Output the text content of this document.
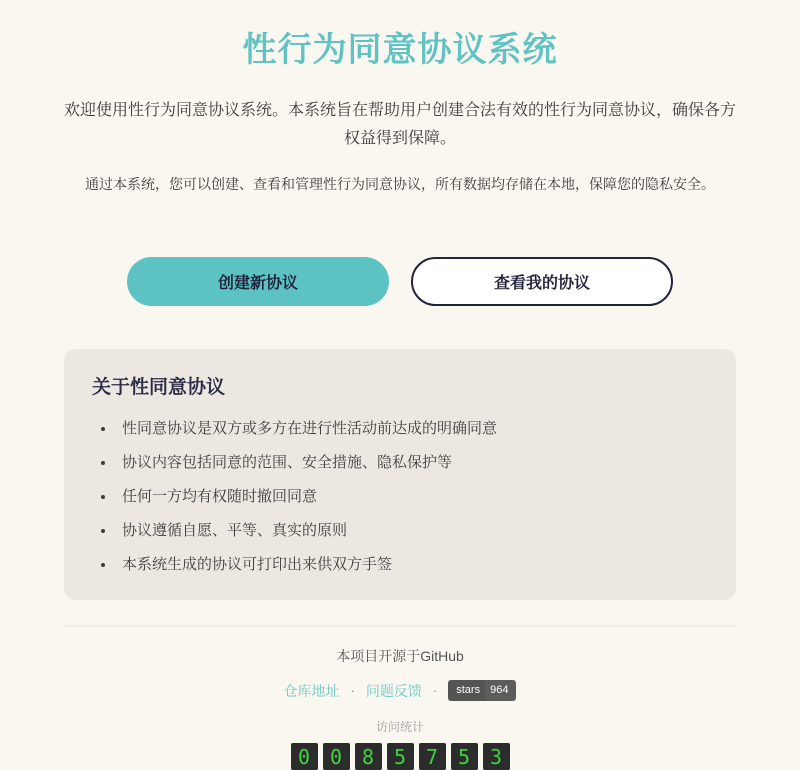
性行为同意协议系统

欢迎使用性行为同意协议系统。本系统旨在帮助用户创建合法有效的性行为同意协议，确保各方权益得到保障。

通过本系统，您可以创建、查看和管理性行为同意协议，所有数据均存储在本地，保障您的隐私安全。

创建新协议	查看我的协议
关于性同意协议
• 性同意协议是双方或多方在进行性活动前达成的明确同意
• 协议内容包括同意的范围、安全措施、隐私保护等
• 任何一方均有权随时撤回同意
• 协议遵循自愿、平等、真实的原则
• 本系统生成的协议可打印出来供双方手签

本项目开源于GitHub

仓库地址 · 问题反馈 ·	stars 964

访问统计

0 0 8 5 7 5 3
